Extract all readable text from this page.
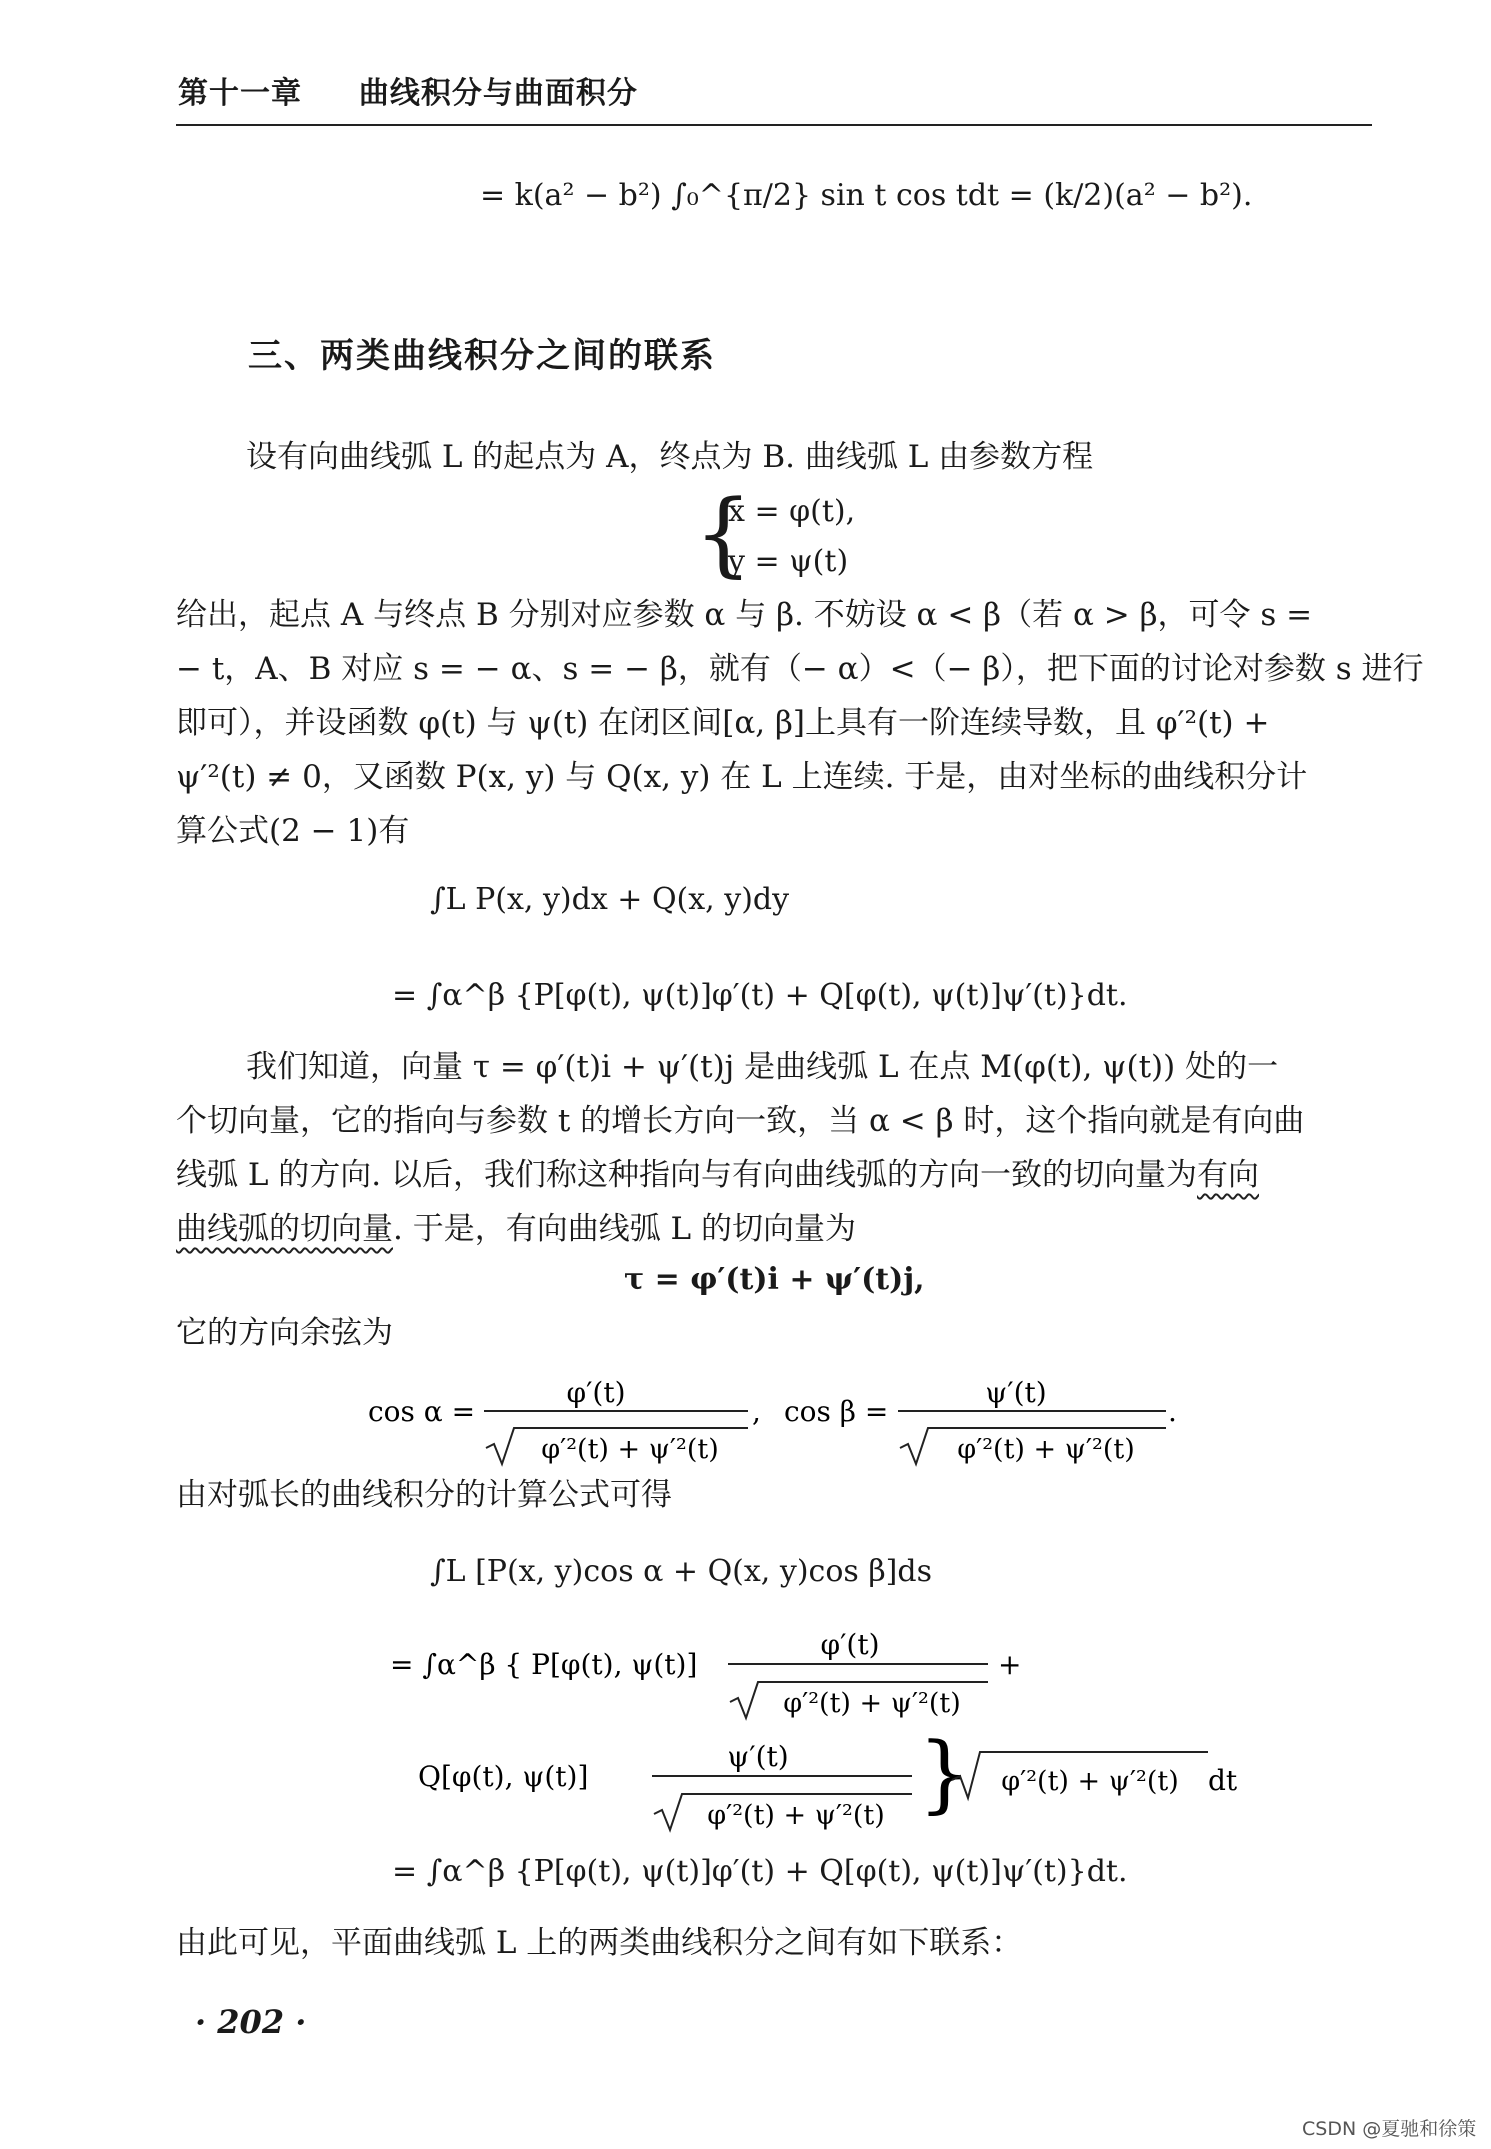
第十一章 曲线积分与曲面积分
= k(a² − b²) ∫₀^{π/2} sin t cos tdt = (k/2)(a² − b²).
三、两类曲线积分之间的联系
设有向曲线弧 L 的起点为 A，终点为 B. 曲线弧 L 由参数方程
{
x = φ(t),
y = ψ(t)
给出，起点 A 与终点 B 分别对应参数 α 与 β. 不妨设 α < β（若 α > β，可令 s =
− t，A、B 对应 s = − α、s = − β，就有（− α）<（− β），把下面的讨论对参数 s 进行
即可），并设函数 φ(t) 与 ψ(t) 在闭区间[α, β]上具有一阶连续导数，且 φ′²(t) +
ψ′²(t) ≠ 0，又函数 P(x, y) 与 Q(x, y) 在 L 上连续. 于是，由对坐标的曲线积分计
算公式(2 − 1)有
∫L P(x, y)dx + Q(x, y)dy
= ∫α^β {P[φ(t), ψ(t)]φ′(t) + Q[φ(t), ψ(t)]ψ′(t)}dt.
我们知道，向量 τ = φ′(t)i + ψ′(t)j 是曲线弧 L 在点 M(φ(t), ψ(t)) 处的一
个切向量，它的指向与参数 t 的增长方向一致，当 α < β 时，这个指向就是有向曲
线弧 L 的方向. 以后，我们称这种指向与有向曲线弧的方向一致的切向量为有向
曲线弧的切向量. 于是，有向曲线弧 L 的切向量为
τ = φ′(t)i + ψ′(t)j,
它的方向余弦为
cos α =
φ′(t)
φ′²(t) + ψ′²(t)
, cos β =
ψ′(t)
φ′²(t) + ψ′²(t)
.
由对弧长的曲线积分的计算公式可得
∫L [P(x, y)cos α + Q(x, y)cos β]ds
= ∫α^β { P[φ(t), ψ(t)]
φ′(t)
φ′²(t) + ψ′²(t)
+
Q[φ(t), ψ(t)]
ψ′(t)
φ′²(t) + ψ′²(t) } φ′²(t) + ψ′²(t) dt
= ∫α^β {P[φ(t), ψ(t)]φ′(t) + Q[φ(t), ψ(t)]ψ′(t)}dt.
由此可见，平面曲线弧 L 上的两类曲线积分之间有如下联系：
· 202 ·
CSDN @夏驰和徐策
